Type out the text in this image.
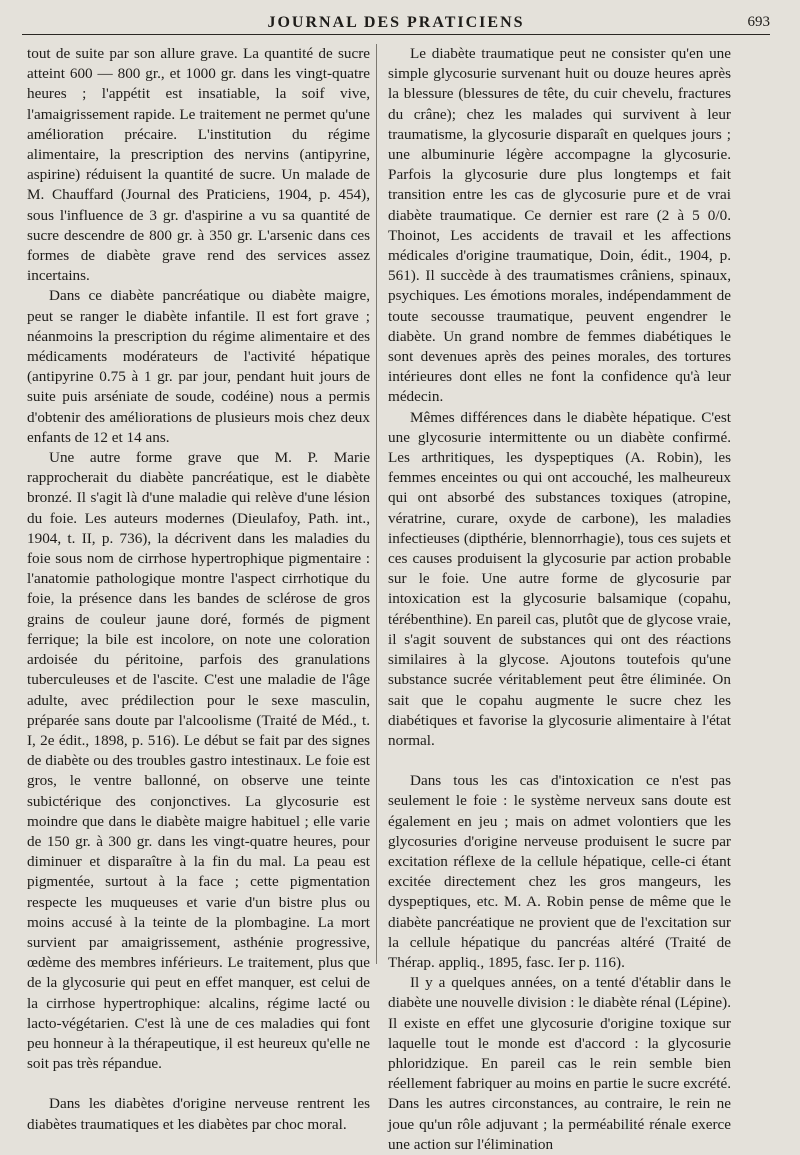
JOURNAL DES PRATICIENS	693

tout de suite par son allure grave. La quantité de sucre atteint 600 — 800 gr., et 1000 gr. dans les vingt-quatre heures ; l'appétit est insatiable, la soif vive, l'amaigrissement rapide. Le traitement ne permet qu'une amélioration précaire. L'institution du régime alimentaire, la prescription des nervins (antipyrine, aspirine) réduisent la quantité de sucre. Un malade de M. Chauffard (Journal des Praticiens, 1904, p. 454), sous l'influence de 3 gr. d'aspirine a vu sa quantité de sucre descendre de 800 gr. à 350 gr. L'arsenic dans ces formes de diabète grave rend des services assez incertains.

Dans ce diabète pancréatique ou diabète maigre, peut se ranger le diabète infantile. Il est fort grave ; néanmoins la prescription du régime alimentaire et des médicaments modérateurs de l'activité hépatique (antipyrine 0.75 à 1 gr. par jour, pendant huit jours de suite puis arséniate de soude, codéine) nous a permis d'obtenir des améliorations de plusieurs mois chez deux enfants de 12 et 14 ans.

Une autre forme grave que M. P. Marie rapprocherait du diabète pancréatique, est le diabète bronzé. Il s'agit là d'une maladie qui relève d'une lésion du foie. Les auteurs modernes (Dieulafoy, Path. int., 1904, t. II, p. 736), la décrivent dans les maladies du foie sous nom de cirrhose hypertrophique pigmentaire : l'anatomie pathologique montre l'aspect cirrhotique du foie, la présence dans les bandes de sclérose de gros grains de couleur jaune doré, formés de pigment ferrique; la bile est incolore, on note une coloration ardoisée du péritoine, parfois des granulations tuberculeuses et de l'ascite. C'est une maladie de l'âge adulte, avec prédilection pour le sexe masculin, préparée sans doute par l'alcoolisme (Traité de Méd., t. I, 2e édit., 1898, p. 516). Le début se fait par des signes de diabète ou des troubles gastro intestinaux. Le foie est gros, le ventre ballonné, on observe une teinte subictérique des conjonctives. La glycosurie est moindre que dans le diabète maigre habituel ; elle varie de 150 gr. à 300 gr. dans les vingt-quatre heures, pour diminuer et disparaître à la fin du mal. La peau est pigmentée, surtout à la face ; cette pigmentation respecte les muqueuses et varie d'un bistre plus ou moins accusé à la teinte de la plombagine. La mort survient par amaigrissement, asthénie progressive, œdème des membres inférieurs. Le traitement, plus que de la glycosurie qui peut en effet manquer, est celui de la cirrhose hypertrophique: alcalins, régime lacté ou lacto-végétarien. C'est là une de ces maladies qui font peu honneur à la thérapeutique, il est heureux qu'elle ne soit pas très répandue.

Dans les diabètes d'origine nerveuse rentrent les diabètes traumatiques et les diabètes par choc moral.

Le diabète traumatique peut ne consister qu'en une simple glycosurie survenant huit ou douze heures après la blessure (blessures de tête, du cuir chevelu, fractures du crâne); chez les malades qui survivent à leur traumatisme, la glycosurie disparaît en quelques jours ; une albuminurie légère accompagne la glycosurie. Parfois la glycosurie dure plus longtemps et fait transition entre les cas de glycosurie pure et de vrai diabète traumatique. Ce dernier est rare (2 à 5 0/0. Thoinot, Les accidents de travail et les affections médicales d'origine traumatique, Doin, édit., 1904, p. 561). Il succède à des traumatismes crâniens, spinaux, psychiques. Les émotions morales, indépendamment de toute secousse traumatique, peuvent engendrer le diabète. Un grand nombre de femmes diabétiques le sont devenues après des peines morales, des tortures intérieures dont elles ne font la confidence qu'à leur médecin.

Mêmes différences dans le diabète hépatique. C'est une glycosurie intermittente ou un diabète confirmé. Les arthritiques, les dyspeptiques (A. Robin), les femmes enceintes ou qui ont accouché, les malheureux qui ont absorbé des substances toxiques (atropine, vératrine, curare, oxyde de carbone), les maladies infectieuses (dipthérie, blennorrhagie), tous ces sujets et ces causes produisent la glycosurie par action probable sur le foie. Une autre forme de glycosurie par intoxication est la glycosurie balsamique (copahu, térébenthine). En pareil cas, plutôt que de glycose vraie, il s'agit souvent de substances qui ont des réactions similaires à la glycose. Ajoutons toutefois qu'une substance sucrée véritablement peut être éliminée. On sait que le copahu augmente le sucre chez les diabétiques et favorise la glycosurie alimentaire à l'état normal.

Dans tous les cas d'intoxication ce n'est pas seulement le foie : le système nerveux sans doute est également en jeu ; mais on admet volontiers que les glycosuries d'origine nerveuse produisent le sucre par excitation réflexe de la cellule hépatique, celle-ci étant excitée directement chez les gros mangeurs, les dyspeptiques, etc. M. A. Robin pense de même que le diabète pancréatique ne provient que de l'excitation sur la cellule hépatique du pancréas altéré (Traité de Thérap. appliq., 1895, fasc. Ier p. 116).

Il y a quelques années, on a tenté d'établir dans le diabète une nouvelle division : le diabète rénal (Lépine). Il existe en effet une glycosurie d'origine toxique sur laquelle tout le monde est d'accord : la glycosurie phloridzique. En pareil cas le rein semble bien réellement fabriquer au moins en partie le sucre excrété. Dans les autres circonstances, au contraire, le rein ne joue qu'un rôle adjuvant ; la perméabilité rénale exerce une action sur l'élimination
